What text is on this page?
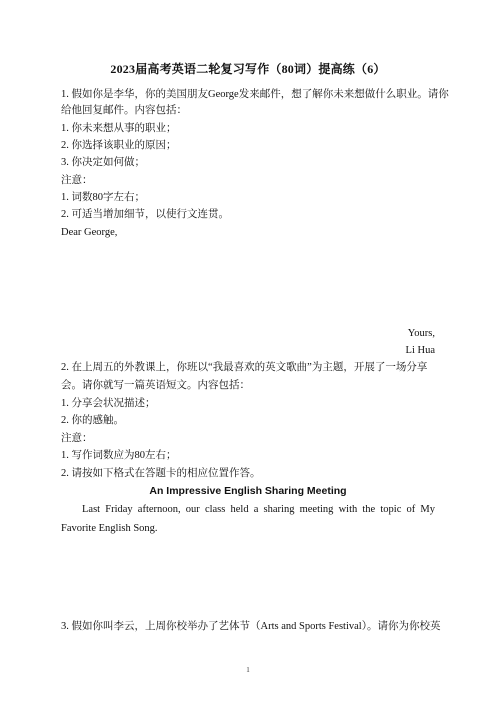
2023届高考英语二轮复习写作（80词）提高练（6）
1. 假如你是李华，你的美国朋友George发来邮件，想了解你未来想做什么职业。请你
给他回复邮件。内容包括：
1. 你未来想从事的职业；
2. 你选择该职业的原因；
3. 你决定如何做；
注意：
1. 词数80字左右；
2. 可适当增加细节，以使行文连贯。
Dear George,
Yours,
Li Hua
2. 在上周五的外教课上，你班以“我最喜欢的英文歌曲”为主题，开展了一场分享
会。请你就写一篇英语短文。内容包括：
1. 分享会状况描述；
2. 你的感触。
注意：
1. 写作词数应为80左右；
2. 请按如下格式在答题卡的相应位置作答。
An Impressive English Sharing Meeting
Last Friday afternoon, our class held a sharing meeting with the topic of My Favorite English Song.
3. 假如你叫李云，上周你校举办了艺体节（Arts and Sports Festival）。请你为你校英
1
